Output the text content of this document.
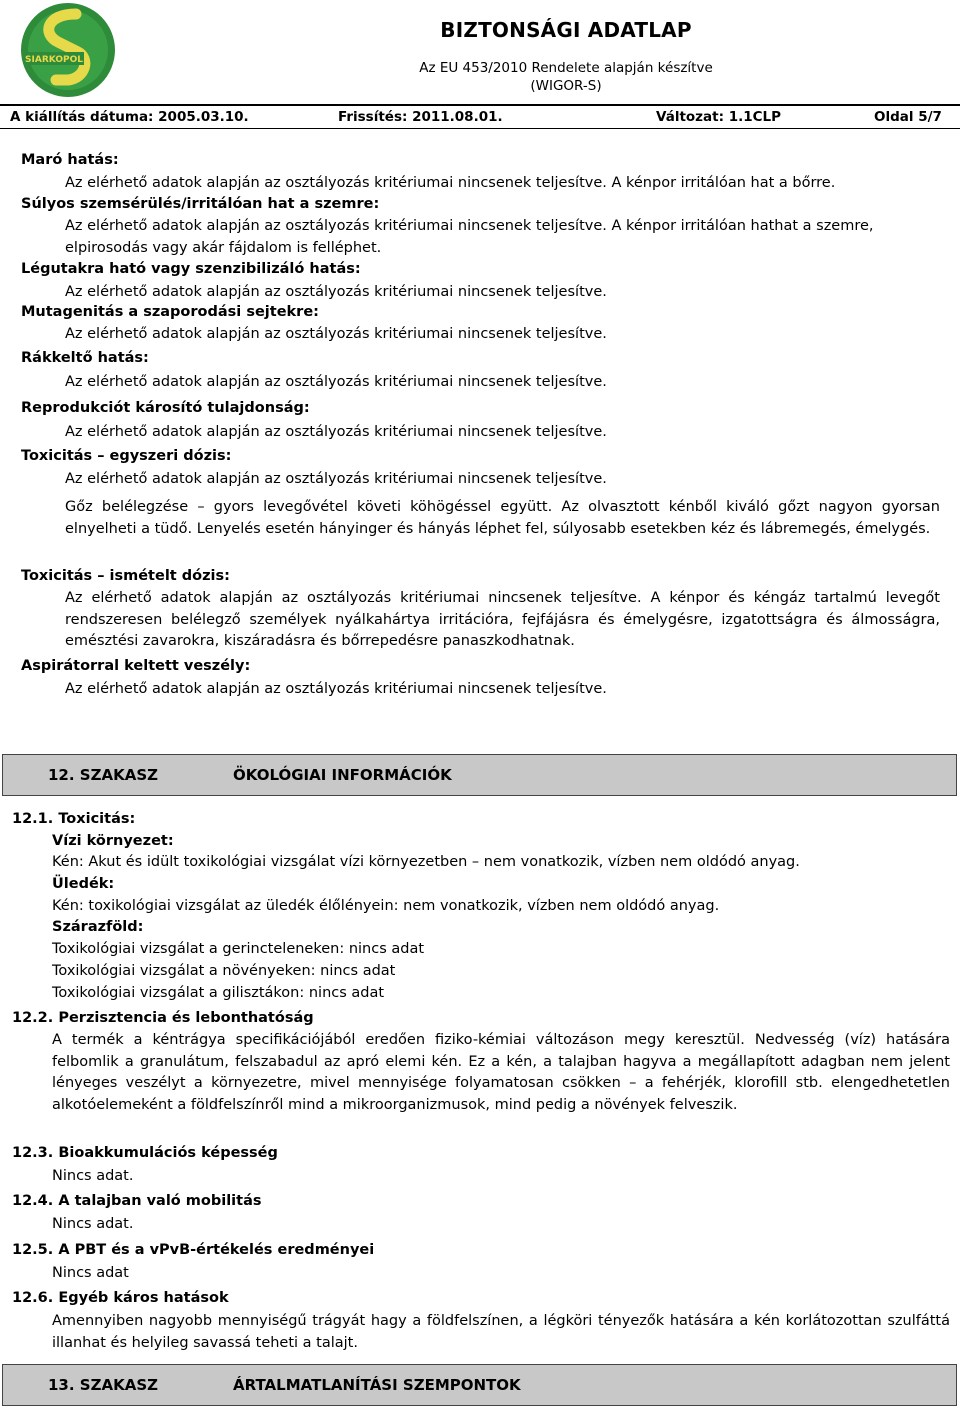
SIARKOPOL
BIZTONSÁGI ADATLAP
Az EU 453/2010 Rendelete alapján készítve
(WIGOR-S)
A kiállítás dátuma: 2005.03.10.	Frissítés: 2011.08.01.	Változat: 1.1CLP	Oldal 5/7
Maró hatás:
Az elérhető adatok alapján az osztályozás kritériumai nincsenek teljesítve. A kénpor irritálóan hat a bőrre.
Súlyos szemsérülés/irritálóan hat a szemre:
Az elérhető adatok alapján az osztályozás kritériumai nincsenek teljesítve. A kénpor irritálóan hathat a szemre, elpirosodás vagy akár fájdalom is felléphet.
Légutakra ható vagy szenzibilizáló hatás:
Az elérhető adatok alapján az osztályozás kritériumai nincsenek teljesítve.
Mutagenitás a szaporodási sejtekre:
Az elérhető adatok alapján az osztályozás kritériumai nincsenek teljesítve.
Rákkeltő hatás:
Az elérhető adatok alapján az osztályozás kritériumai nincsenek teljesítve.
Reprodukciót károsító tulajdonság:
Az elérhető adatok alapján az osztályozás kritériumai nincsenek teljesítve.
Toxicitás – egyszeri dózis:
Az elérhető adatok alapján az osztályozás kritériumai nincsenek teljesítve.
Gőz belélegzése – gyors levegővétel követi köhögéssel együtt. Az olvasztott kénből kiváló gőzt nagyon gyorsan elnyelheti a tüdő. Lenyelés esetén hányinger és hányás léphet fel, súlyosabb esetekben kéz és lábremegés, émelygés.
Toxicitás – ismételt dózis:
Az elérhető adatok alapján az osztályozás kritériumai nincsenek teljesítve. A kénpor és kéngáz tartalmú levegőt rendszeresen belélegző személyek nyálkahártya irritációra, fejfájásra és émelygésre, izgatottságra és álmosságra, emésztési zavarokra, kiszáradásra és bőrrepedésre panaszkodhatnak.
Aspirátorral keltett veszély:
Az elérhető adatok alapján az osztályozás kritériumai nincsenek teljesítve.
12. SZAKASZ	ÖKOLÓGIAI INFORMÁCIÓK
12.1. Toxicitás:
Vízi környezet:
Kén: Akut és idült toxikológiai vizsgálat vízi környezetben – nem vonatkozik, vízben nem oldódó anyag.
Üledék:
Kén: toxikológiai vizsgálat az üledék élőlényein: nem vonatkozik, vízben nem oldódó anyag.
Szárazföld:
Toxikológiai vizsgálat a gerincteleneken: nincs adat
Toxikológiai vizsgálat a növényeken: nincs adat
Toxikológiai vizsgálat a gilisztákon: nincs adat
12.2. Perzisztencia és lebonthatóság
A termék a kéntrágya specifikációjából eredően fiziko-kémiai változáson megy keresztül. Nedvesség (víz) hatására felbomlik a granulátum, felszabadul az apró elemi kén. Ez a kén, a talajban hagyva a megállapított adagban nem jelent lényeges veszélyt a környezetre, mivel mennyisége folyamatosan csökken – a fehérjék, klorofill stb. elengedhetetlen alkotóelemeként a földfelszínről mind a mikroorganizmusok, mind pedig a növények felveszik.
12.3. Bioakkumulációs képesség
Nincs adat.
12.4. A talajban való mobilitás
Nincs adat.
12.5. A PBT és a vPvB-értékelés eredményei
Nincs adat
12.6. Egyéb káros hatások
Amennyiben nagyobb mennyiségű trágyát hagy a földfelszínen, a légköri tényezők hatására a kén korlátozottan szulfáttá illanhat és helyileg savassá teheti a talajt.
13. SZAKASZ	ÁRTALMATLANÍTÁSI SZEMPONTOK
